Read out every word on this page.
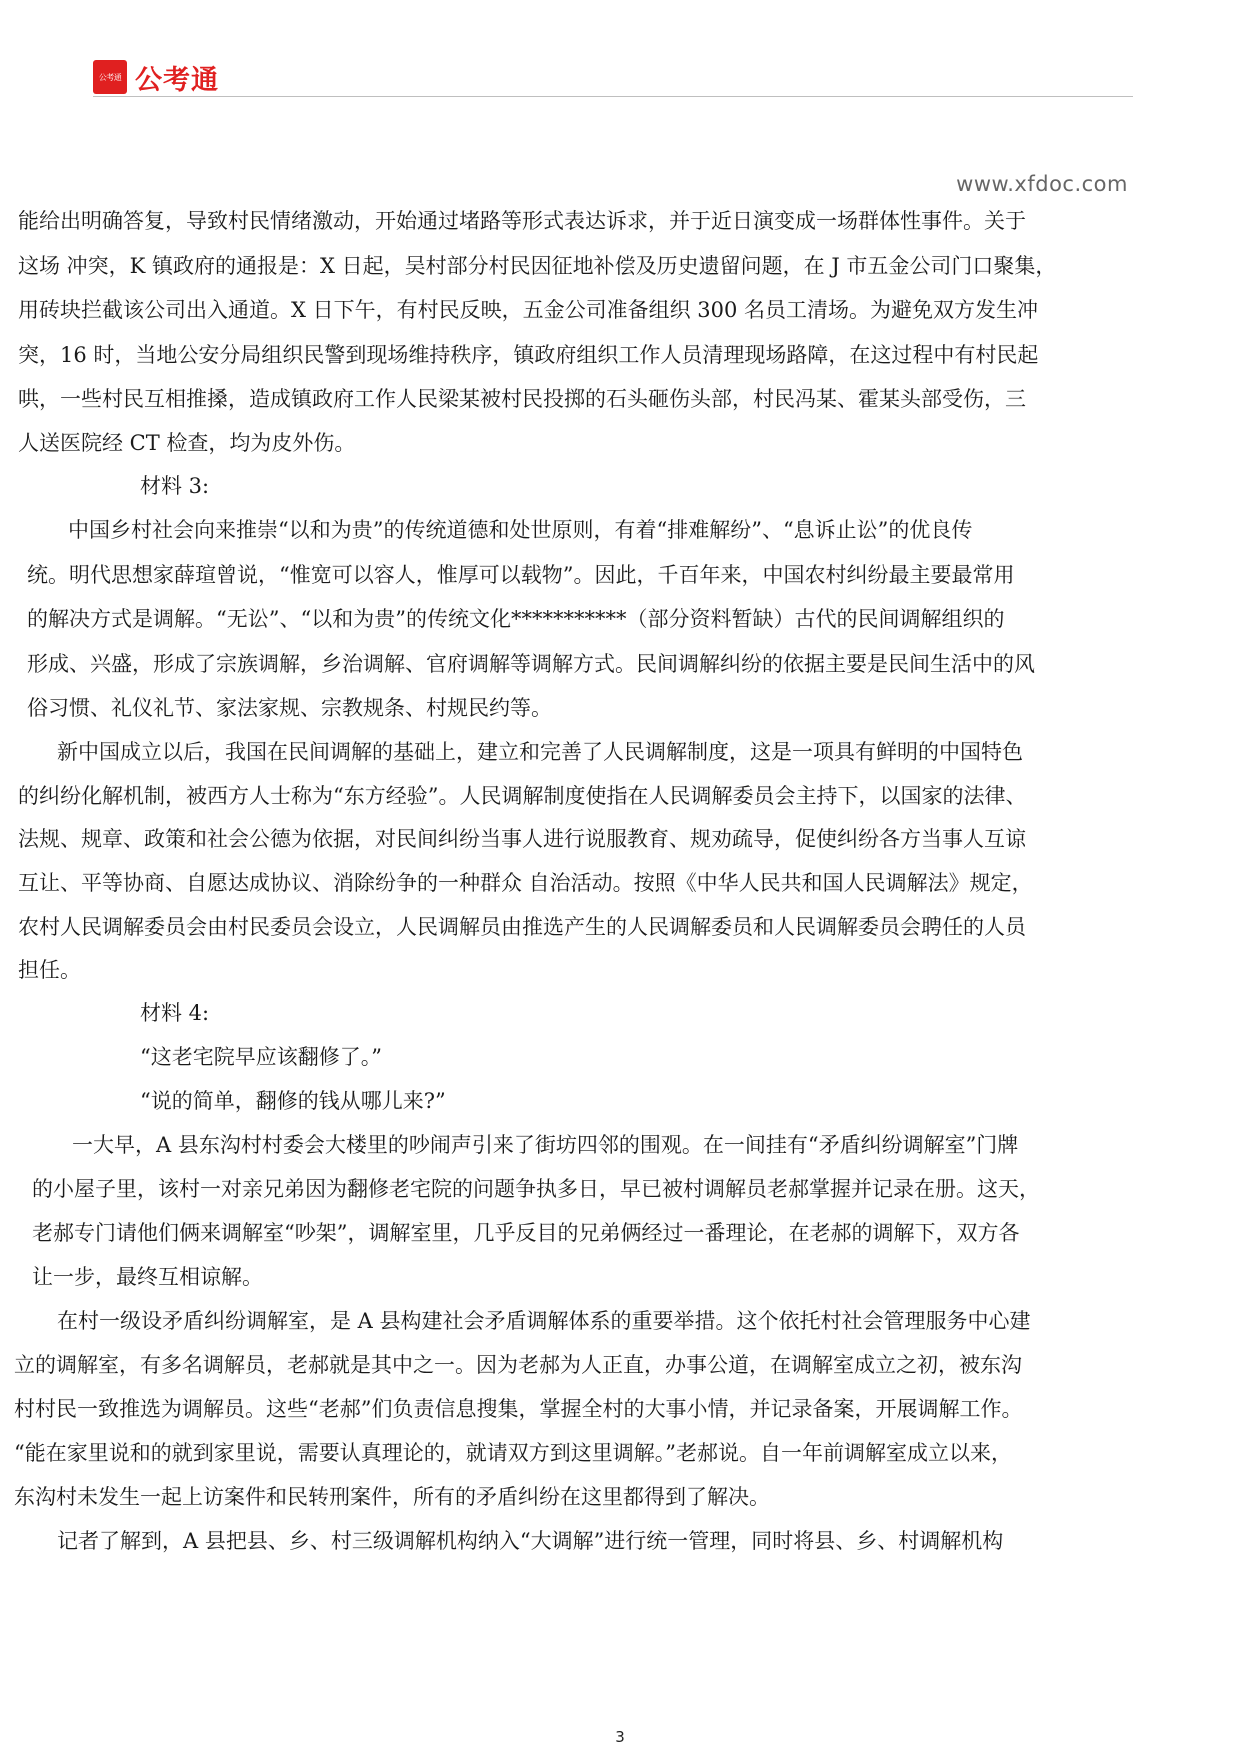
公考通 公考通
www.xfdoc.com
能给出明确答复，导致村民情绪激动，开始通过堵路等形式表达诉求，并于近日演变成一场群体性事件。关于
这场 冲突，K 镇政府的通报是：X 日起，吴村部分村民因征地补偿及历史遗留问题，在 J 市五金公司门口聚集，
用砖块拦截该公司出入通道。X 日下午，有村民反映，五金公司准备组织 300 名员工清场。为避免双方发生冲
突，16 时，当地公安分局组织民警到现场维持秩序，镇政府组织工作人员清理现场路障，在这过程中有村民起
哄，一些村民互相推搡，造成镇政府工作人民梁某被村民投掷的石头砸伤头部，村民冯某、霍某头部受伤，三
人送医院经 CT 检查，均为皮外伤。
材料 3:
中国乡村社会向来推崇“以和为贵”的传统道德和处世原则，有着“排难解纷”、“息诉止讼”的优良传
统。明代思想家薛瑄曾说，“惟宽可以容人，惟厚可以载物”。因此，千百年来，中国农村纠纷最主要最常用
的解决方式是调解。“无讼”、“以和为贵”的传统文化***********（部分资料暂缺）古代的民间调解组织的
形成、兴盛，形成了宗族调解，乡治调解、官府调解等调解方式。民间调解纠纷的依据主要是民间生活中的风
俗习惯、礼仪礼节、家法家规、宗教规条、村规民约等。
新中国成立以后，我国在民间调解的基础上，建立和完善了人民调解制度，这是一项具有鲜明的中国特色
的纠纷化解机制，被西方人士称为“东方经验”。人民调解制度使指在人民调解委员会主持下，以国家的法律、
法规、规章、政策和社会公德为依据，对民间纠纷当事人进行说服教育、规劝疏导，促使纠纷各方当事人互谅
互让、平等协商、自愿达成协议、消除纷争的一种群众 自治活动。按照《中华人民共和国人民调解法》规定，
农村人民调解委员会由村民委员会设立，人民调解员由推选产生的人民调解委员和人民调解委员会聘任的人员
担任。
材料 4:
“这老宅院早应该翻修了。”
“说的简单，翻修的钱从哪儿来?”
一大早，A 县东沟村村委会大楼里的吵闹声引来了街坊四邻的围观。在一间挂有“矛盾纠纷调解室”门牌
的小屋子里，该村一对亲兄弟因为翻修老宅院的问题争执多日，早已被村调解员老郝掌握并记录在册。这天，
老郝专门请他们俩来调解室“吵架”，调解室里，几乎反目的兄弟俩经过一番理论，在老郝的调解下，双方各
让一步，最终互相谅解。
在村一级设矛盾纠纷调解室，是 A 县构建社会矛盾调解体系的重要举措。这个依托村社会管理服务中心建
立的调解室，有多名调解员，老郝就是其中之一。因为老郝为人正直，办事公道，在调解室成立之初，被东沟
村村民一致推选为调解员。这些“老郝”们负责信息搜集，掌握全村的大事小情，并记录备案，开展调解工作。
“能在家里说和的就到家里说，需要认真理论的，就请双方到这里调解。”老郝说。自一年前调解室成立以来，
东沟村未发生一起上访案件和民转刑案件，所有的矛盾纠纷在这里都得到了解决。
记者了解到，A 县把县、乡、村三级调解机构纳入“大调解”进行统一管理，同时将县、乡、村调解机构
3
